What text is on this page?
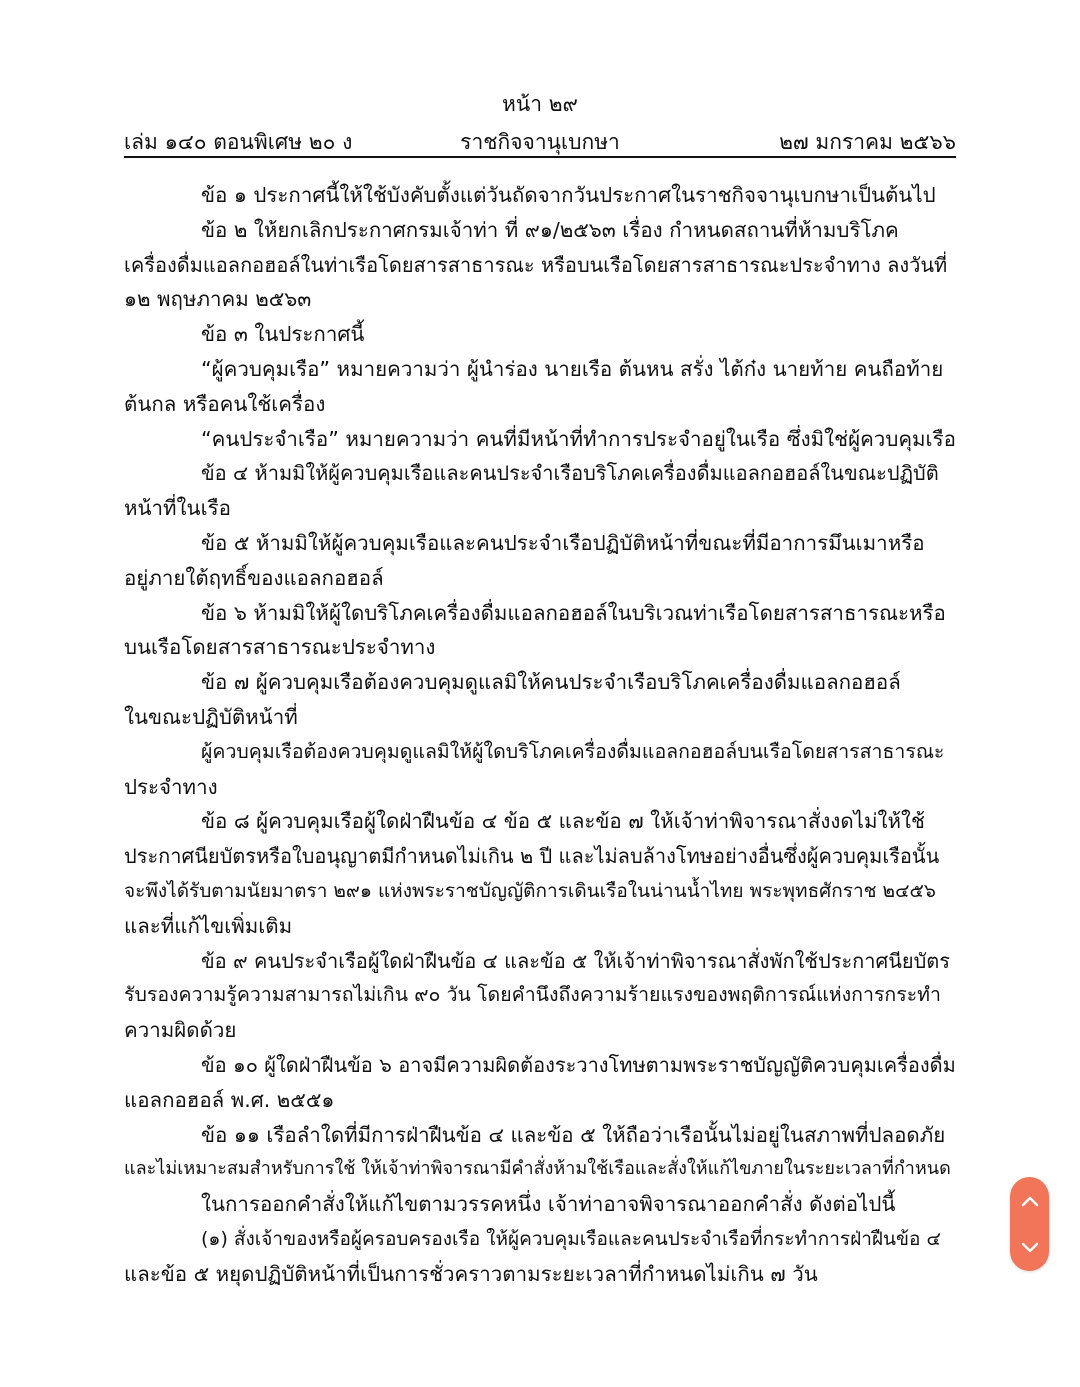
หน้า ๒๙
เล่ม ๑๔๐ ตอนพิเศษ ๒๐ ง	ราชกิจจานุเบกษา	๒๗ มกราคม ๒๕๖๖
ข้อ ๑ ประกาศนี้ให้ใช้บังคับตั้งแต่วันถัดจากวันประกาศในราชกิจจานุเบกษาเป็นต้นไป
ข้อ ๒ ให้ยกเลิกประกาศกรมเจ้าท่า ที่ ๙๑/๒๕๖๓ เรื่อง กำหนดสถานที่ห้ามบริโภค
เครื่องดื่มแอลกอฮอล์ในท่าเรือโดยสารสาธารณะ หรือบนเรือโดยสารสาธารณะประจำทาง ลงวันที่
๑๒ พฤษภาคม ๒๕๖๓
ข้อ ๓ ในประกาศนี้
“ผู้ควบคุมเรือ” หมายความว่า ผู้นำร่อง นายเรือ ต้นหน สรั่ง ไต้ก๋ง นายท้าย คนถือท้าย
ต้นกล หรือคนใช้เครื่อง
“คนประจำเรือ” หมายความว่า คนที่มีหน้าที่ทำการประจำอยู่ในเรือ ซึ่งมิใช่ผู้ควบคุมเรือ
ข้อ ๔ ห้ามมิให้ผู้ควบคุมเรือและคนประจำเรือบริโภคเครื่องดื่มแอลกอฮอล์ในขณะปฏิบัติ
หน้าที่ในเรือ
ข้อ ๕ ห้ามมิให้ผู้ควบคุมเรือและคนประจำเรือปฏิบัติหน้าที่ขณะที่มีอาการมึนเมาหรือ
อยู่ภายใต้ฤทธิ์ของแอลกอฮอล์
ข้อ ๖ ห้ามมิให้ผู้ใดบริโภคเครื่องดื่มแอลกอฮอล์ในบริเวณท่าเรือโดยสารสาธารณะหรือ
บนเรือโดยสารสาธารณะประจำทาง
ข้อ ๗ ผู้ควบคุมเรือต้องควบคุมดูแลมิให้คนประจำเรือบริโภคเครื่องดื่มแอลกอฮอล์
ในขณะปฏิบัติหน้าที่
ผู้ควบคุมเรือต้องควบคุมดูแลมิให้ผู้ใดบริโภคเครื่องดื่มแอลกอฮอล์บนเรือโดยสารสาธารณะ
ประจำทาง
ข้อ ๘ ผู้ควบคุมเรือผู้ใดฝ่าฝืนข้อ ๔ ข้อ ๕ และข้อ ๗ ให้เจ้าท่าพิจารณาสั่งงดไม่ให้ใช้
ประกาศนียบัตรหรือใบอนุญาตมีกำหนดไม่เกิน ๒ ปี และไม่ลบล้างโทษอย่างอื่นซึ่งผู้ควบคุมเรือนั้น
จะพึงได้รับตามนัยมาตรา ๒๙๑ แห่งพระราชบัญญัติการเดินเรือในน่านน้ำไทย พระพุทธศักราช ๒๔๕๖
และที่แก้ไขเพิ่มเติม
ข้อ ๙ คนประจำเรือผู้ใดฝ่าฝืนข้อ ๔ และข้อ ๕ ให้เจ้าท่าพิจารณาสั่งพักใช้ประกาศนียบัตร
รับรองความรู้ความสามารถไม่เกิน ๙๐ วัน โดยคำนึงถึงความร้ายแรงของพฤติการณ์แห่งการกระทำ
ความผิดด้วย
ข้อ ๑๐ ผู้ใดฝ่าฝืนข้อ ๖ อาจมีความผิดต้องระวางโทษตามพระราชบัญญัติควบคุมเครื่องดื่ม
แอลกอฮอล์ พ.ศ. ๒๕๕๑
ข้อ ๑๑ เรือลำใดที่มีการฝ่าฝืนข้อ ๔ และข้อ ๕ ให้ถือว่าเรือนั้นไม่อยู่ในสภาพที่ปลอดภัย
และไม่เหมาะสมสำหรับการใช้ ให้เจ้าท่าพิจารณามีคำสั่งห้ามใช้เรือและสั่งให้แก้ไขภายในระยะเวลาที่กำหนด
ในการออกคำสั่งให้แก้ไขตามวรรคหนึ่ง เจ้าท่าอาจพิจารณาออกคำสั่ง ดังต่อไปนี้
(๑) สั่งเจ้าของหรือผู้ครอบครองเรือ ให้ผู้ควบคุมเรือและคนประจำเรือที่กระทำการฝ่าฝืนข้อ ๔
และข้อ ๕ หยุดปฏิบัติหน้าที่เป็นการชั่วคราวตามระยะเวลาที่กำหนดไม่เกิน ๗ วัน
